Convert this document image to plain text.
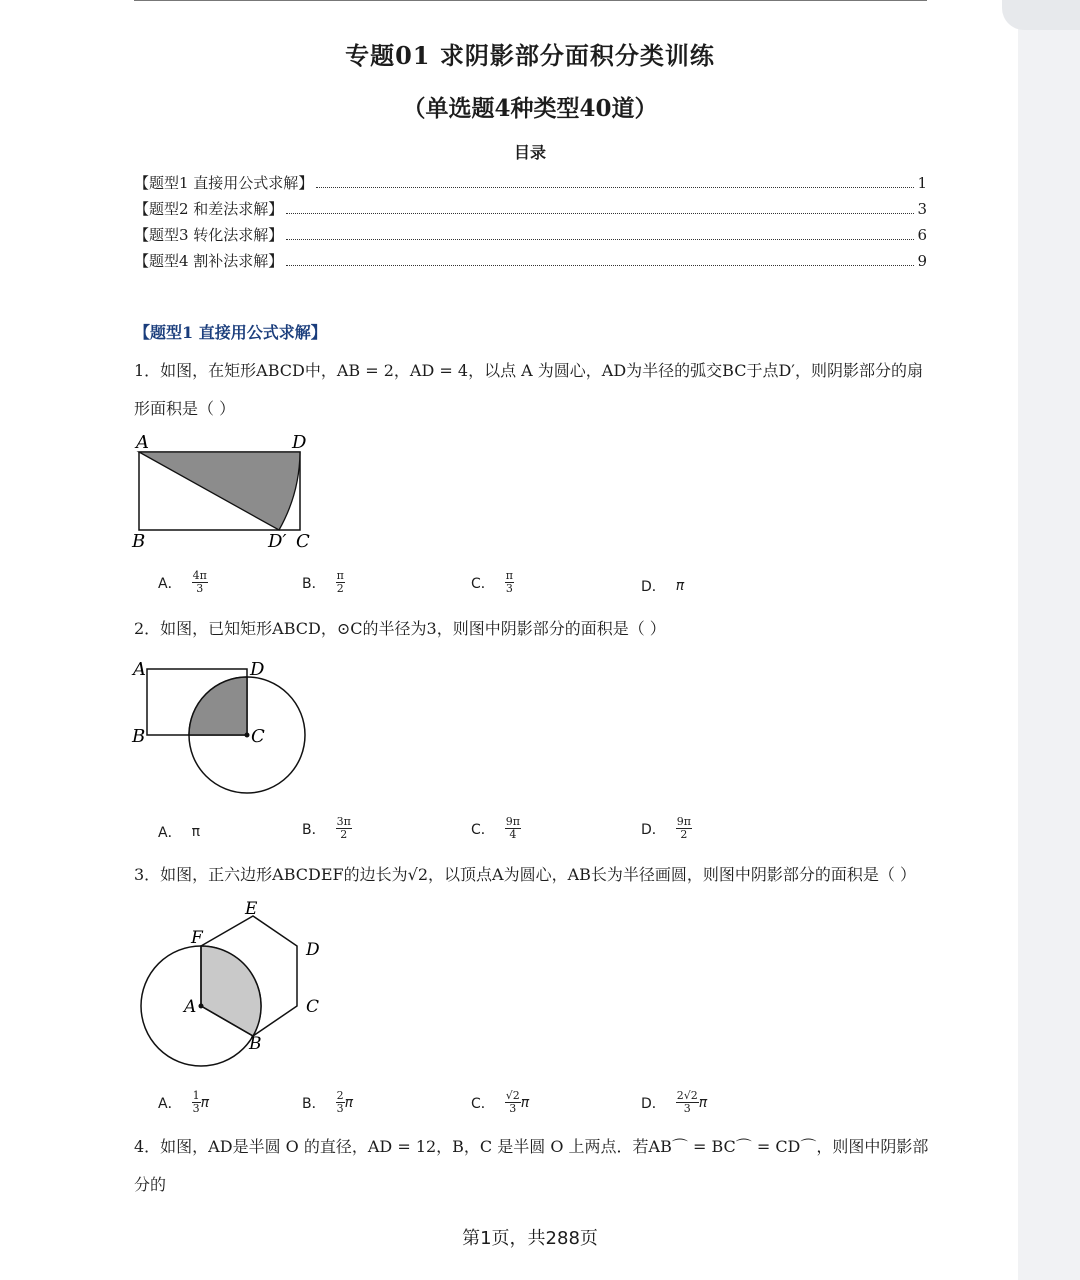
专题01 求阴影部分面积分类训练
（单选题4种类型40道）
目录
【题型1 直接用公式求解】	1
【题型2 和差法求解】	3
【题型3 转化法求解】	6
【题型4 割补法求解】	9
【题型1 直接用公式求解】
1．如图，在矩形ABCD中，AB = 2，AD = 4，以点 A 为圆心，AD为半径的弧交BC于点D′，则阴影部分的扇形面积是（ ）
A	D
B	D′ C
A． $\frac{4\pi}{3}$	B． $\frac{\pi}{2}$	C． $\frac{\pi}{3}$	D． π
2．如图，已知矩形ABCD，⊙C的半径为3，则图中阴影部分的面积是（ ）
A	D
B	C
A． π	B． $\frac{3\pi}{2}$	C． $\frac{9\pi}{4}$	D． $\frac{9\pi}{2}$
3．如图，正六边形ABCDEF的边长为√2，以顶点A为圆心，AB长为半径画圆，则图中阴影部分的面积是（ ）
E
F
D
A	C
B
A． $\frac{1}{3}$ π	B． $\frac{2}{3}$ π	C． $\frac{√2}{3}$ π	D． $\frac{2√2}{3}$ π
4．如图，AD是半圆 O 的直径，AD = 12，B，C 是半圆 O 上两点．若AB⌒ = BC⌒ = CD⌒，则图中阴影部分的
第1页，共288页
